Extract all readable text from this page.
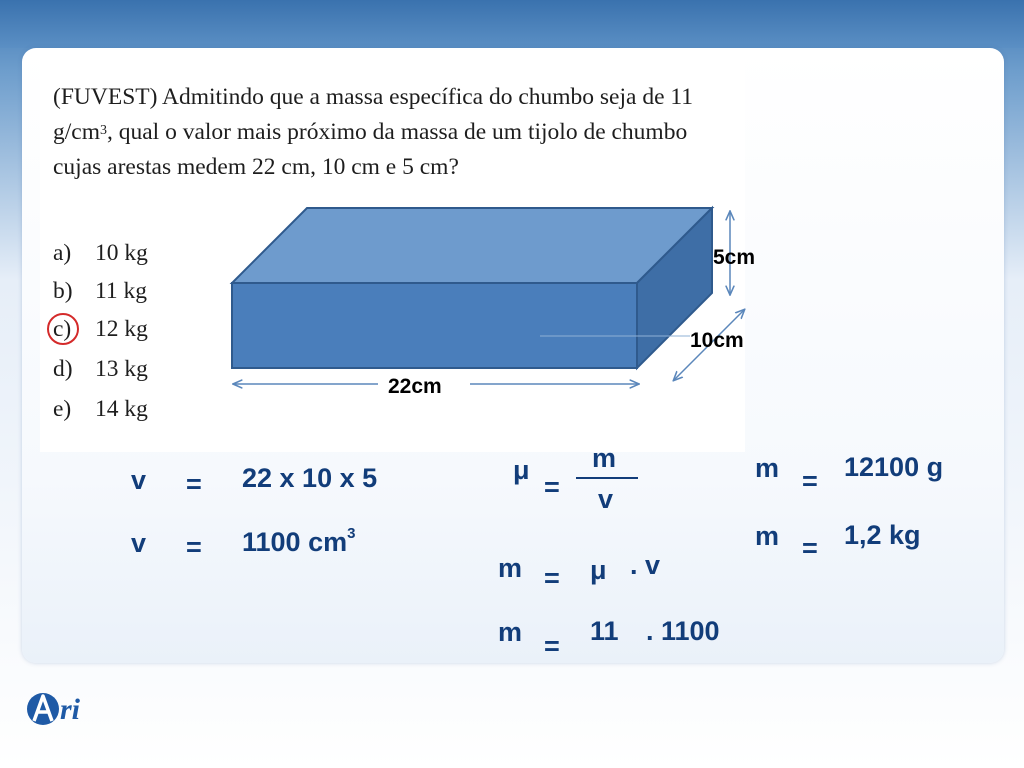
(FUVEST) Admitindo que a massa específica do chumbo seja de 11 $g/cm^3$, qual o valor mais próximo da massa de um tijolo de chumbo cujas arestas medem 22 cm, 10 cm e 5 cm?

a) 10 kg
b) 11 kg
c) 12 kg
d) 13 kg
e) 14 kg
5cm
10cm
22cm
v = 22 x 10 x 5
v = 1100 $cm^3$
μ
=
m
v
m = μ . v
m = 11 . 1100
m = 12100 g
m = 1,2 kg
ri
